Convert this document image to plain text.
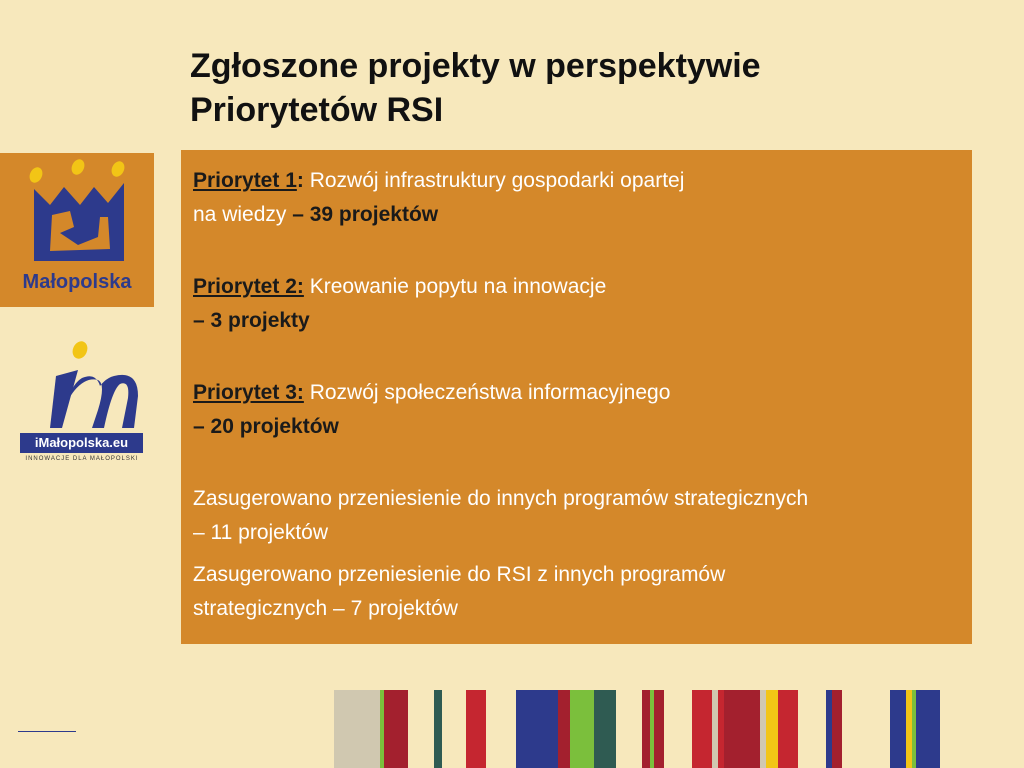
Zgłoszone projekty w perspektywie
Priorytetów RSI
Małopolska
iMałopolska.eu
INNOWACJE DLA MAŁOPOLSKI

Priorytet 1: Rozwój infrastruktury gospodarki opartej

na wiedzy – 39 projektów

Priorytet 2: Kreowanie popytu na innowacje

– 3 projekty

Priorytet 3: Rozwój społeczeństwa informacyjnego

– 20 projektów

Zasugerowano przeniesienie do innych programów strategicznych

– 11 projektów

Zasugerowano przeniesienie do RSI z innych programów

strategicznych – 7 projektów
